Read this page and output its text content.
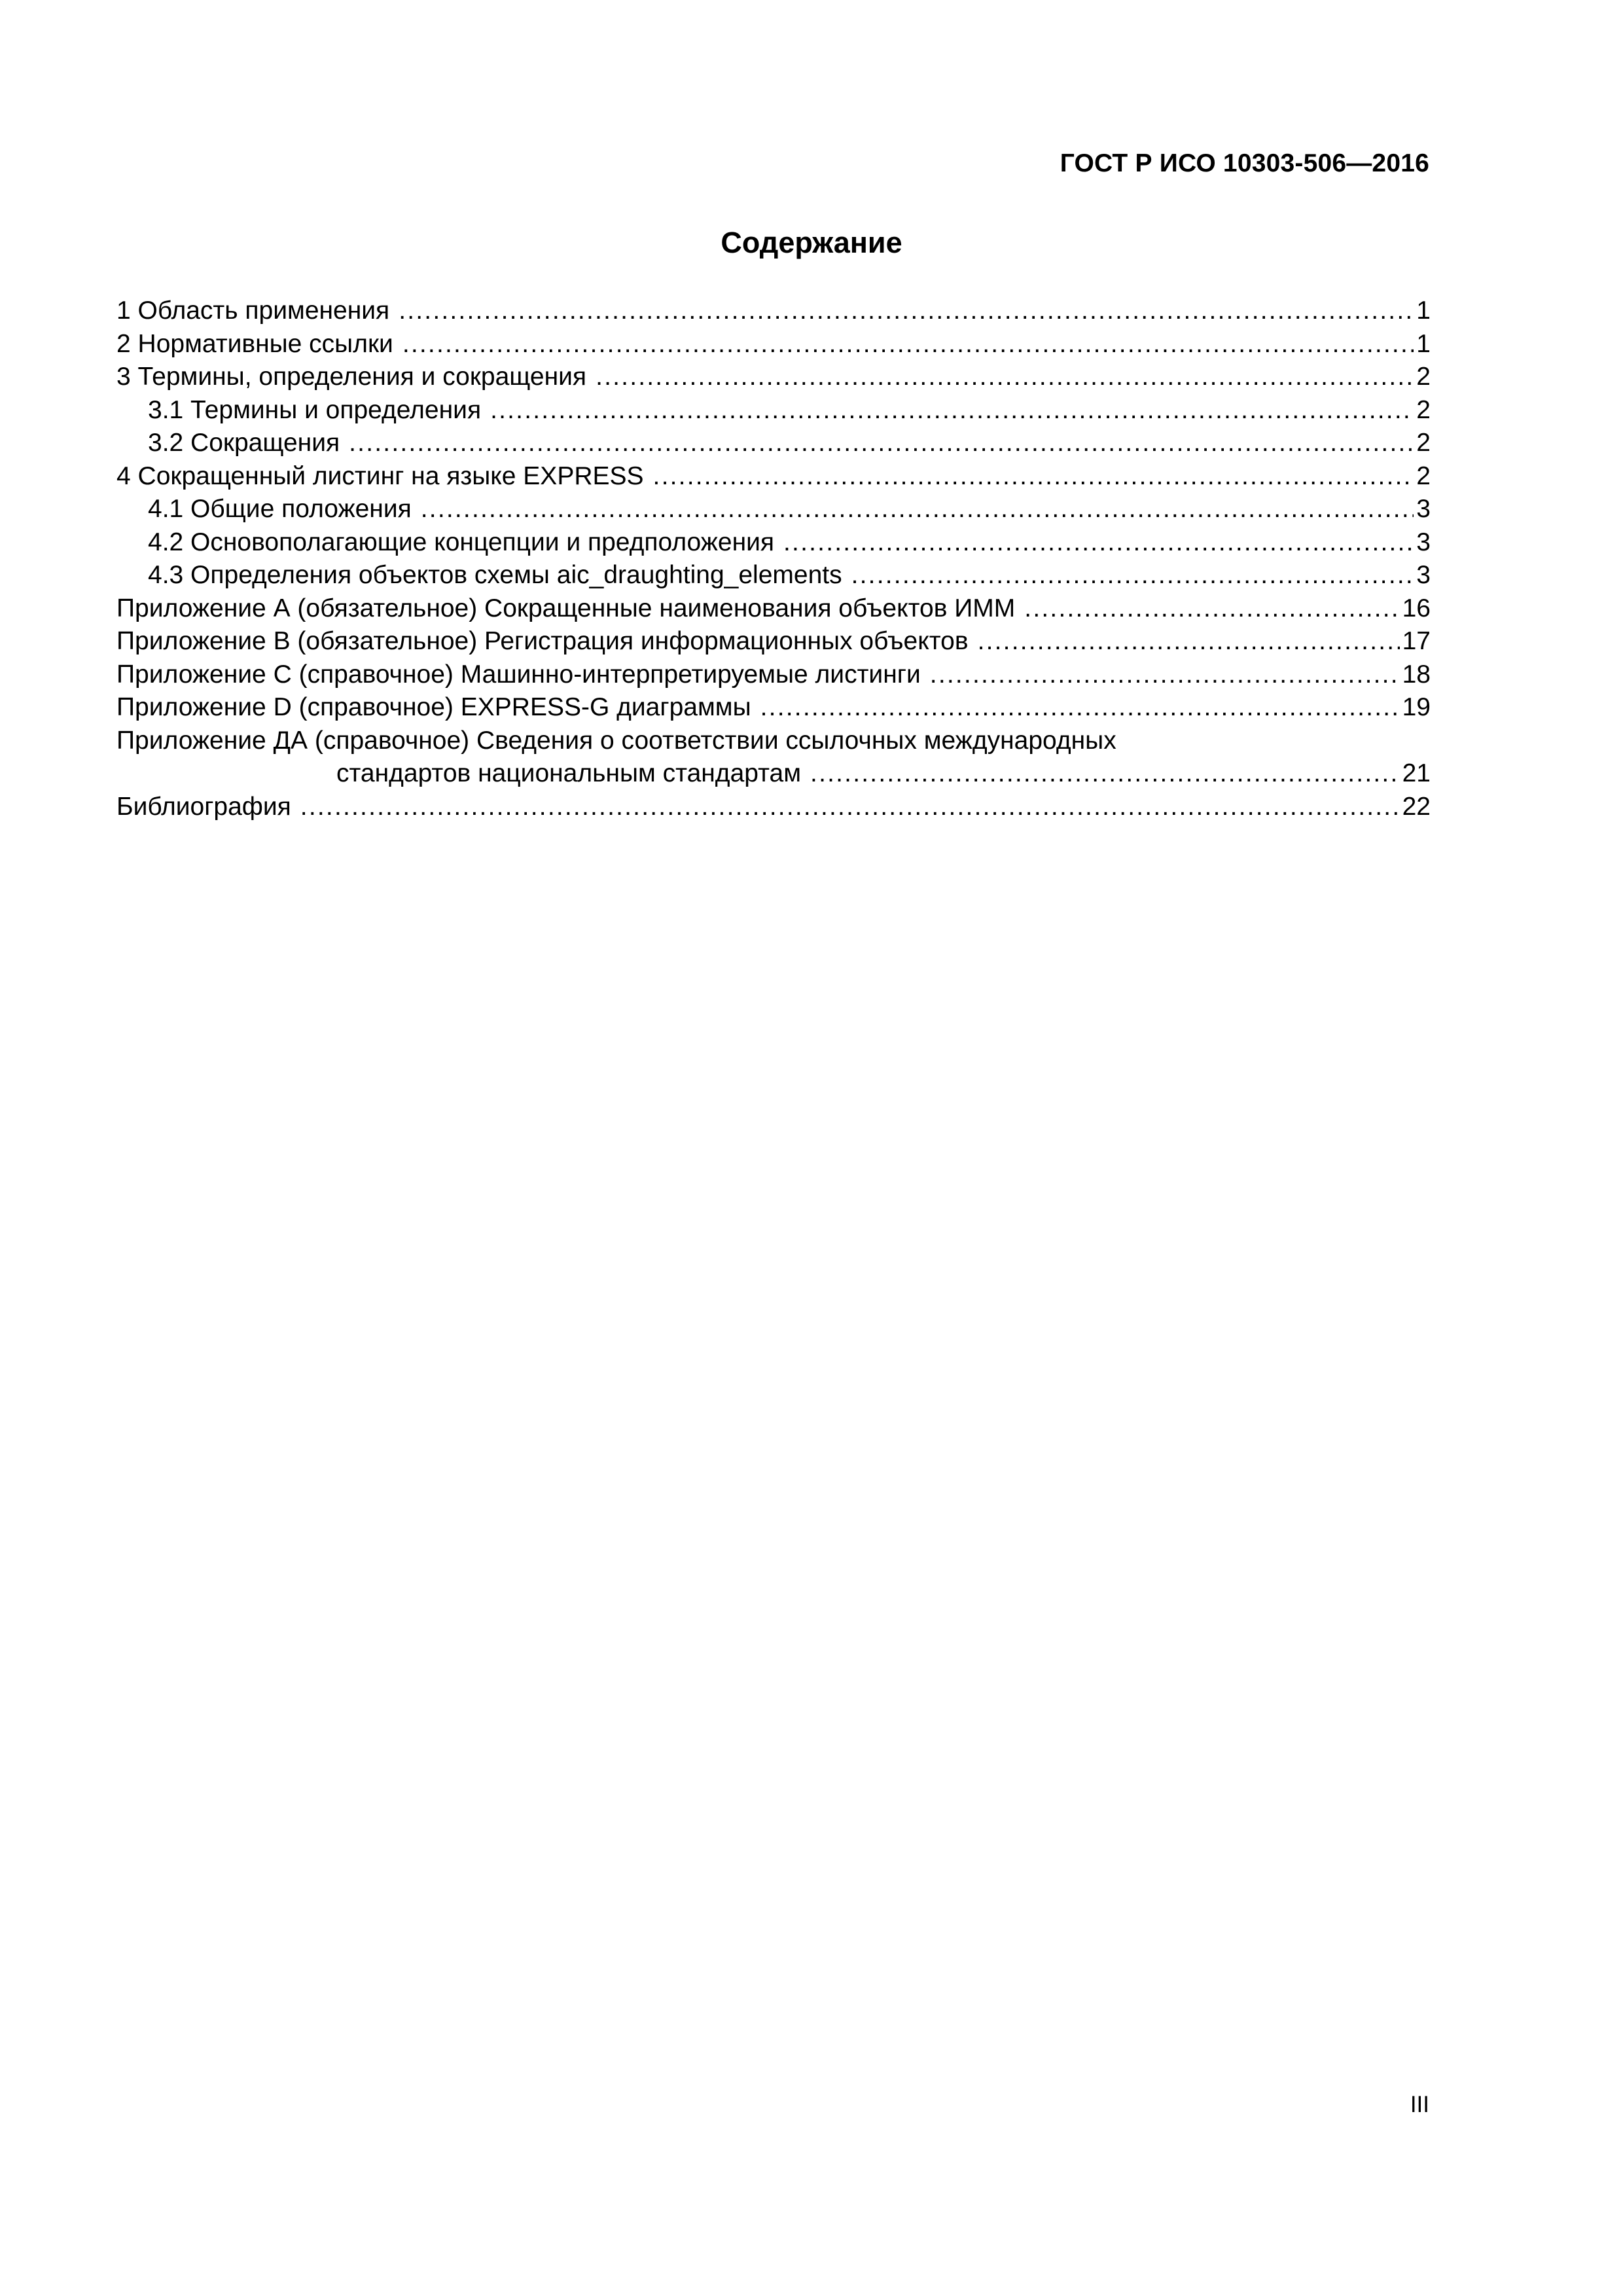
ГОСТ Р ИСО 10303-506—2016
Содержание
1 Область применения .....	1
2 Нормативные ссылки .....	1
3 Термины, определения и сокращения .....	2
3.1 Термины и определения .....	2
3.2 Сокращения .....	2
4 Сокращенный листинг на языке EXPRESS .....	2
4.1 Общие положения .....	3
4.2 Основополагающие концепции и предположения .....	3
4.3 Определения объектов схемы aic_draughting_elements .....	3
Приложение А (обязательное) Сокращенные наименования объектов ИММ .....	16
Приложение В (обязательное) Регистрация информационных объектов .....	17
Приложение С (справочное) Машинно-интерпретируемые листинги .....	18
Приложение D (справочное) EXPRESS-G диаграммы .....	19
Приложение ДА (справочное) Сведения о соответствии ссылочных международных
стандартов национальным стандартам .....	21
Библиография .....	22
III
